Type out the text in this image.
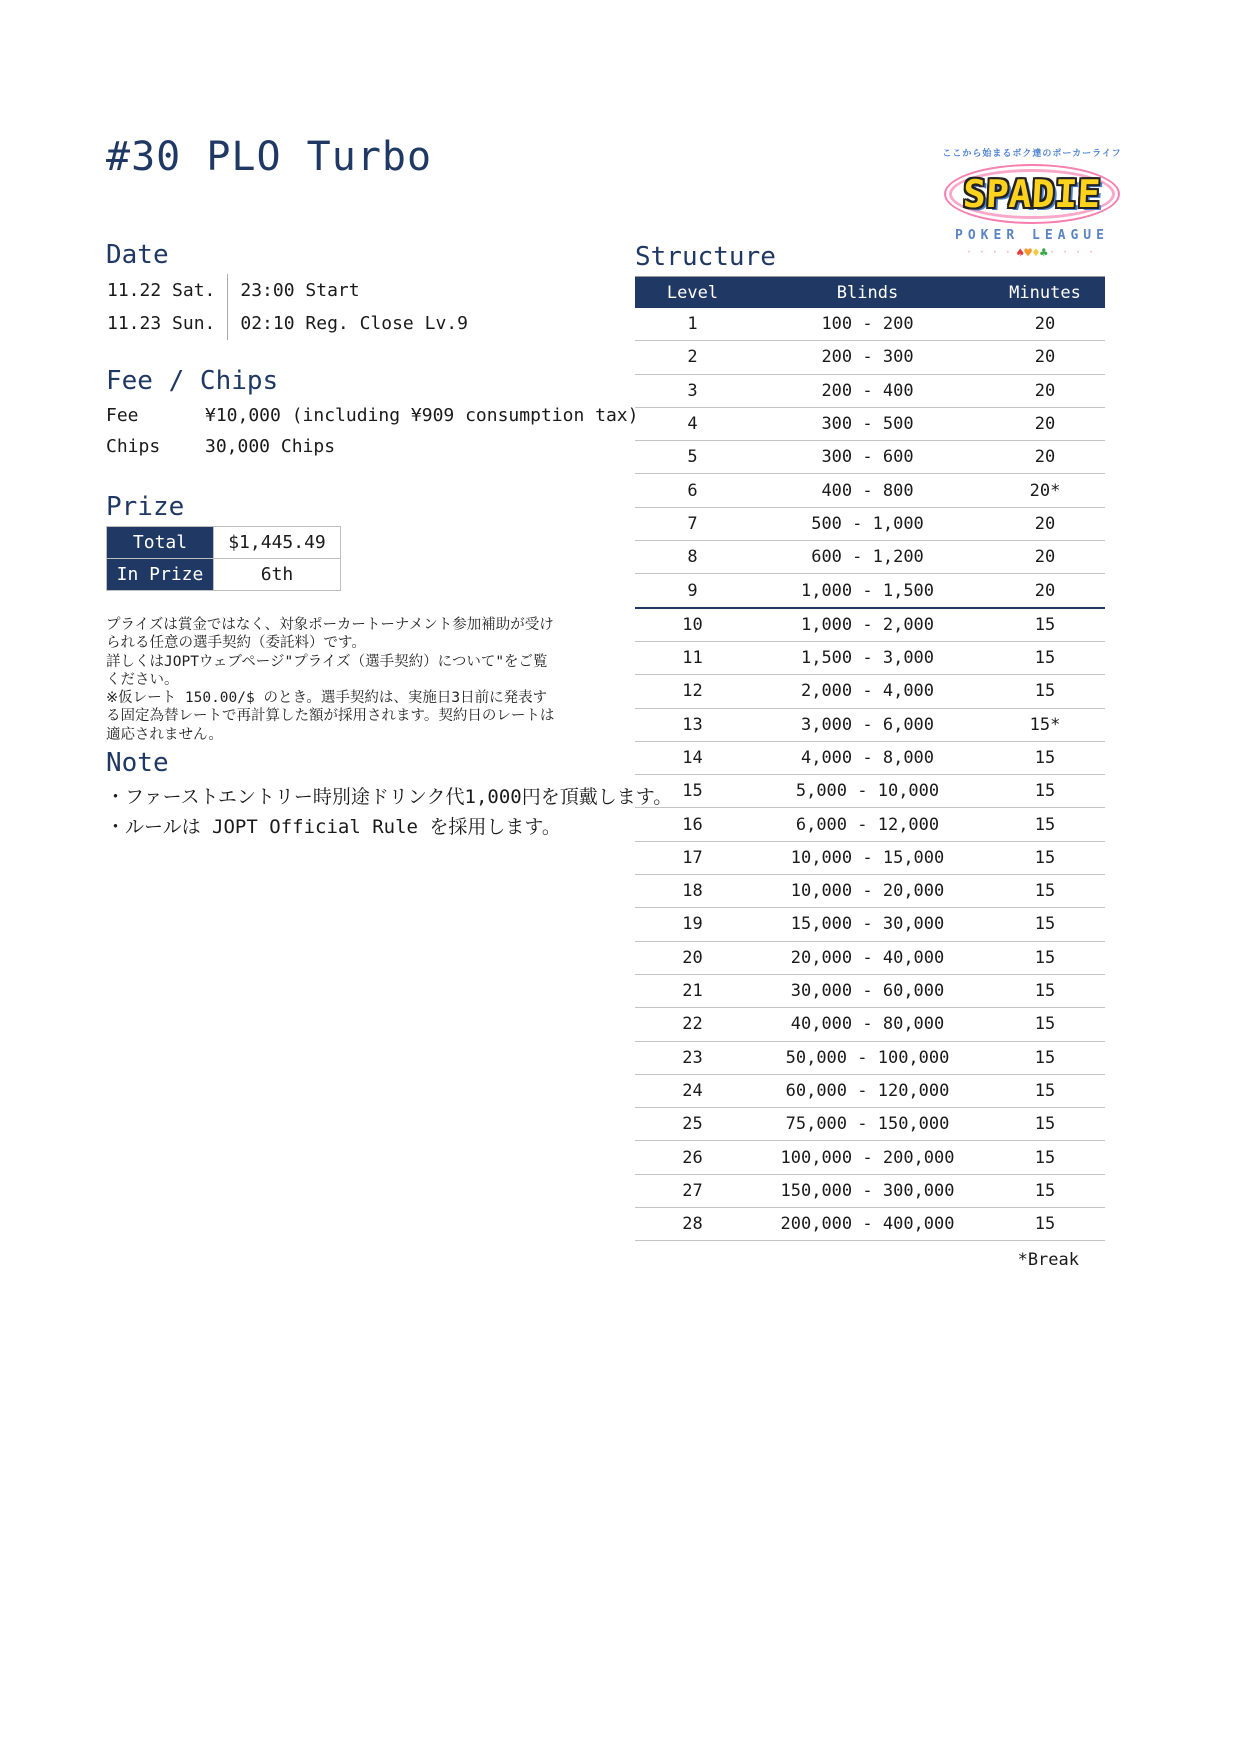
#30 PLO Turbo	ここから始まるボク達のポーカーライフ
SPADIE
POKER LEAGUE
・・・・♠♥♦♣・・・・
Date
11.22 Sat.	23:00 Start
11.23 Sun.	02:10 Reg. Close Lv.9
Fee / Chips
Fee	¥10,000 (including ¥909 consumption tax)
Chips	30,000 Chips
Prize
Total	$1,445.49
In Prize	6th

プライズは賞金ではなく、対象ポーカートーナメント参加補助が受けられる任意の選手契約（委託料）です。

詳しくはJOPTウェブページ"プライズ（選手契約）について"をご覧ください。

※仮レート 150.00/$ のとき。選手契約は、実施日3日前に発表する固定為替レートで再計算した額が採用されます。契約日のレートは適応されません。

Note
・ファーストエントリー時別途ドリンク代1,000円を頂戴します。
・ルールは JOPT Official Rule を採用します。
Structure
Level	Blinds	Minutes
1	100 - 200	20
2	200 - 300	20
3	200 - 400	20
4	300 - 500	20
5	300 - 600	20
6	400 - 800	20*
7	500 - 1,000	20
8	600 - 1,200	20
9	1,000 - 1,500	20
10	1,000 - 2,000	15
11	1,500 - 3,000	15
12	2,000 - 4,000	15
13	3,000 - 6,000	15*
14	4,000 - 8,000	15
15	5,000 - 10,000	15
16	6,000 - 12,000	15
17	10,000 - 15,000	15
18	10,000 - 20,000	15
19	15,000 - 30,000	15
20	20,000 - 40,000	15
21	30,000 - 60,000	15
22	40,000 - 80,000	15
23	50,000 - 100,000	15
24	60,000 - 120,000	15
25	75,000 - 150,000	15
26	100,000 - 200,000	15
27	150,000 - 300,000	15
28	200,000 - 400,000	15
*Break
